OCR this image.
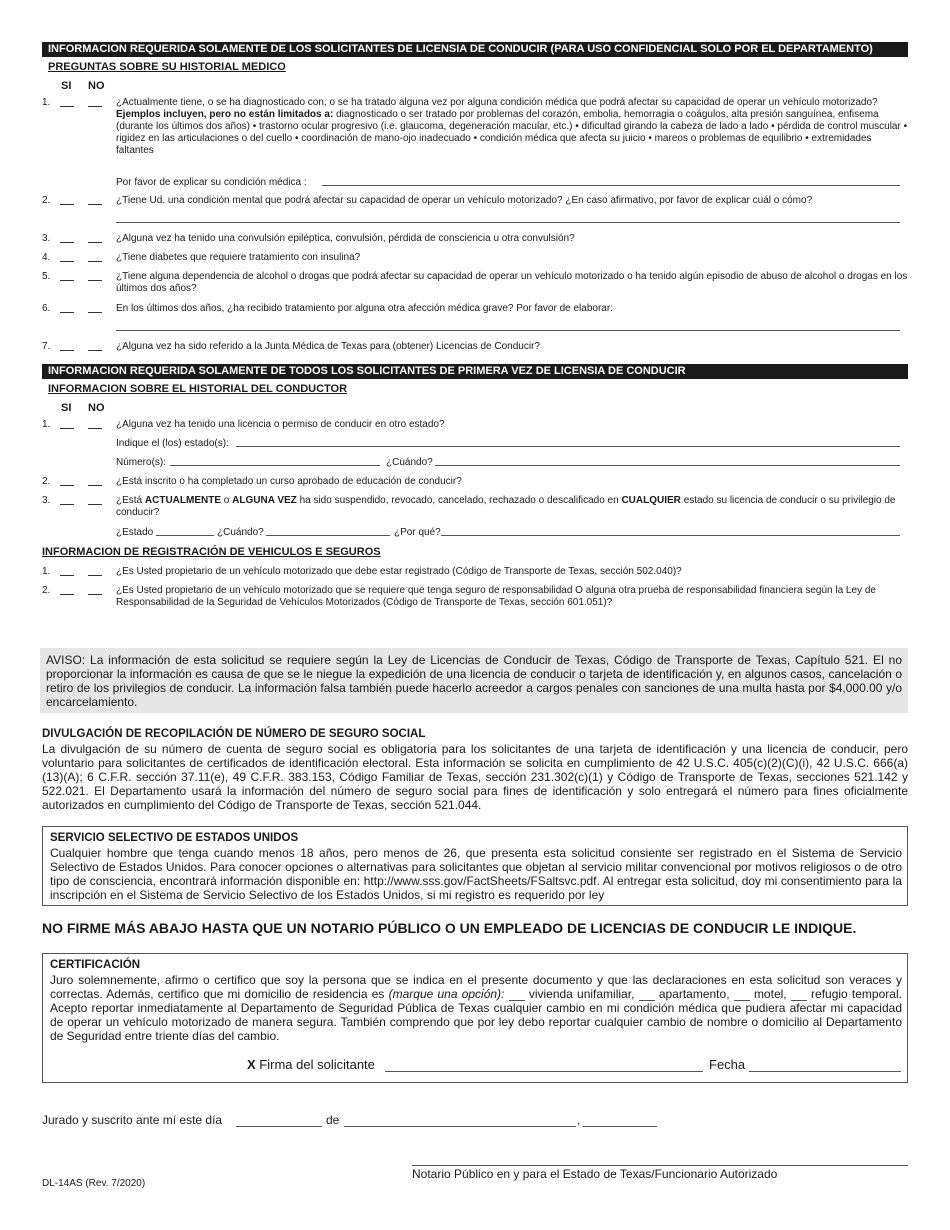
INFORMACION REQUERIDA SOLAMENTE DE LOS SOLICITANTES DE LICENSIA DE CONDUCIR (PARA USO CONFIDENCIAL SOLO POR EL DEPARTAMENTO)
PREGUNTAS SOBRE SU HISTORIAL MEDICO
SI NO
1.	¿Actualmente tiene, o se ha diagnosticado con, o se ha tratado alguna vez por alguna condición médica que podrá afectar su capacidad de operar un vehículo motorizado?
Ejemplos incluyen, pero no están limitados a: diagnosticado o ser tratado por problemas del corazón, embolia, hemorragia o coágulos, alta presión sanguínea, enfisema (durante los últimos dos años) • trastorno ocular progresivo (i.e. glaucoma, degeneración macular, etc.) • dificultad girando la cabeza de lado a lado • pérdida de control muscular • rigidez en las articulaciones o del cuello • coordinación de mano-ojo inadecuado • condición médica que afecta su juicio • mareos o problemas de equilibrio • extremidades faltantes
Por favor de explicar su condición médica :
2.	¿Tiene Ud. una condición mental que podrá afectar su capacidad de operar un vehículo motorizado? ¿En caso afirmativo, por favor de explicar cuál o cómo?
3.	¿Alguna vez ha tenido una convulsión epiléptica, convulsión, pérdida de consciencia u otra convulsión?
4.	¿Tiene diabetes que requiere tratamiento con insulina?
5.	¿Tiene alguna dependencia de alcohol o drogas que podrá afectar su capacidad de operar un vehículo motorizado o ha tenido algún episodio de abuso de alcohol o drogas en los últimos dos años?
6.	En los últimos dos años, ¿ha recibido tratamiento por alguna otra afección médica grave? Por favor de elaborar:
7.	¿Alguna vez ha sido referido a la Junta Médica de Texas para (obtener) Licencias de Conducir?
INFORMACION REQUERIDA SOLAMENTE DE TODOS LOS SOLICITANTES DE PRIMERA VEZ DE LICENSIA DE CONDUCIR
INFORMACION SOBRE EL HISTORIAL DEL CONDUCTOR
SI NO
1.	¿Alguna vez ha tenido una licencia o permiso de conducir en otro estado?
Indique el (los) estado(s):
Número(s):	¿Cuándo?
2.	¿Está inscrito o ha completado un curso aprobado de educación de conducir?
3.	¿Está ACTUALMENTE o ALGUNA VEZ ha sido suspendido, revocado, cancelado, rechazado o descalificado en CUALQUIER estado su licencia de conducir o su privilegio de conducir?
¿Estado	¿Cuándo?	¿Por qué?
INFORMACION DE REGISTRACIÓN DE VEHICULOS E SEGUROS
1.	¿Es Usted propietario de un vehículo motorizado que debe estar registrado (Código de Transporte de Texas, sección 502.040)?
2.	¿Es Usted propietario de un vehículo motorizado que se requiere que tenga seguro de responsabilidad O alguna otra prueba de responsabilidad financiera según la Ley de Responsabilidad de la Seguridad de Vehículos Motorizados (Código de Transporte de Texas, sección 601.051)?
AVISO: La información de esta solicitud se requiere según la Ley de Licencias de Conducir de Texas, Código de Transporte de Texas, Capítulo 521. El no proporcionar la información es causa de que se le niegue la expedición de una licencia de conducir o tarjeta de identificación y, en algunos casos, cancelación o retiro de los privilegios de conducir. La información falsa también puede hacerlo acreedor a cargos penales con sanciones de una multa hasta por $4,000.00 y/o encarcelamiento.
DIVULGACIÓN DE RECOPILACIÓN DE NÚMERO DE SEGURO SOCIAL
La divulgación de su número de cuenta de seguro social es obligatoria para los solicitantes de una tarjeta de identificación y una licencia de conducir, pero voluntario para solicitantes de certificados de identificación electoral. Esta información se solicita en cumplimiento de 42 U.S.C. 405(c)(2)(C)(i), 42 U.S.C. 666(a)(13)(A); 6 C.F.R. sección 37.11(e), 49 C.F.R. 383.153, Código Familiar de Texas, sección 231.302(c)(1) y Código de Transporte de Texas, secciones 521.142 y 522.021. El Departamento usará la información del número de seguro social para fines de identificación y solo entregará el número para fines oficialmente autorizados en cumplimiento del Código de Transporte de Texas, sección 521.044.
SERVICIO SELECTIVO DE ESTADOS UNIDOS
Cualquier hombre que tenga cuando menos 18 años, pero menos de 26, que presenta esta solicitud consiente ser registrado en el Sistema de Servicio Selectivo de Estados Unidos. Para conocer opciones o alternativas para solicitantes que objetan al servicio militar convencional por motivos religiosos o de otro tipo de consciencia, encontrará información disponible en: http://www.sss.gov/FactSheets/FSaltsvc.pdf. Al entregar esta solicitud, doy mi consentimiento para la inscripción en el Sistema de Servicio Selectivo de los Estados Unidos, si mi registro es requerido por ley
NO FIRME MÁS ABAJO HASTA QUE UN NOTARIO PÚBLICO O UN EMPLEADO DE LICENCIAS DE CONDUCIR LE INDIQUE.
CERTIFICACIÓN
Juro solemnemente, afirmo o certifico que soy la persona que se indica en el presente documento y que las declaraciones en esta solicitud son veraces y correctas. Además, certifico que mi domicilio de residencia es (marque una opción): vivienda unifamiliar, apartamento, motel, refugio temporal. Acepto reportar inmediatamente al Departamento de Seguridad Pública de Texas cualquier cambio en mi condición médica que pudiera afectar mi capacidad de operar un vehículo motorizado de manera segura. También comprendo que por ley debo reportar cualquier cambio de nombre o domicilio al Departamento de Seguridad entre triente días del cambio.
X Firma del solicitante	Fecha
Jurado y suscrito ante mí este día	de	,
Notario Público en y para el Estado de Texas/Funcionario Autorizado
DL-14AS (Rev. 7/2020)
